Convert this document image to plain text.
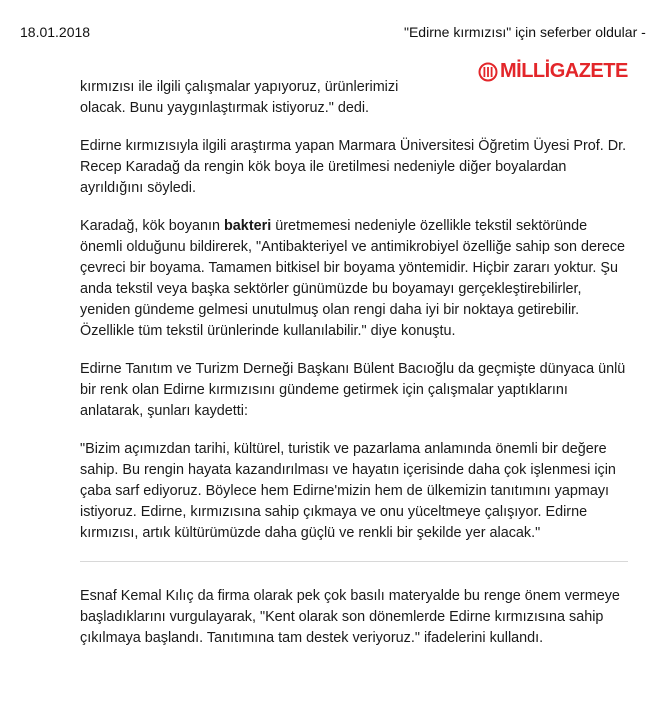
18.01.2018	"Edirne kırmızısı" için seferber oldular -
MİLLİGAZETE
kırmızısı ile ilgili çalışmalar yapıyoruz, ürünlerimizi

olacak. Bunu yaygınlaştırmak istiyoruz." dedi.

Edirne kırmızısıyla ilgili araştırma yapan Marmara Üniversitesi Öğretim Üyesi Prof. Dr. Recep Karadağ da rengin kök boya ile üretilmesi nedeniyle diğer boyalardan ayrıldığını söyledi.

Karadağ, kök boyanın bakteri üretmemesi nedeniyle özellikle tekstil sektöründe önemli olduğunu bildirerek, "Antibakteriyel ve antimikrobiyel özelliğe sahip son derece çevreci bir boyama. Tamamen bitkisel bir boyama yöntemidir. Hiçbir zararı yoktur. Şu anda tekstil veya başka sektörler günümüzde bu boyamayı gerçekleştirebilirler, yeniden gündeme gelmesi unutulmuş olan rengi daha iyi bir noktaya getirebilir. Özellikle tüm tekstil ürünlerinde kullanılabilir." diye konuştu.

Edirne Tanıtım ve Turizm Derneği Başkanı Bülent Bacıoğlu da geçmişte dünyaca ünlü bir renk olan Edirne kırmızısını gündeme getirmek için çalışmalar yaptıklarını anlatarak, şunları kaydetti:

"Bizim açımızdan tarihi, kültürel, turistik ve pazarlama anlamında önemli bir değere sahip. Bu rengin hayata kazandırılması ve hayatın içerisinde daha çok işlenmesi için çaba sarf ediyoruz. Böylece hem Edirne'mizin hem de ülkemizin tanıtımını yapmayı istiyoruz. Edirne, kırmızısına sahip çıkmaya ve onu yüceltmeye çalışıyor. Edirne kırmızısı, artık kültürümüzde daha güçlü ve renkli bir şekilde yer alacak."

Esnaf Kemal Kılıç da firma olarak pek çok basılı materyalde bu renge önem vermeye başladıklarını vurgulayarak, "Kent olarak son dönemlerde Edirne kırmızısına sahip çıkılmaya başlandı. Tanıtımına tam destek veriyoruz." ifadelerini kullandı.
